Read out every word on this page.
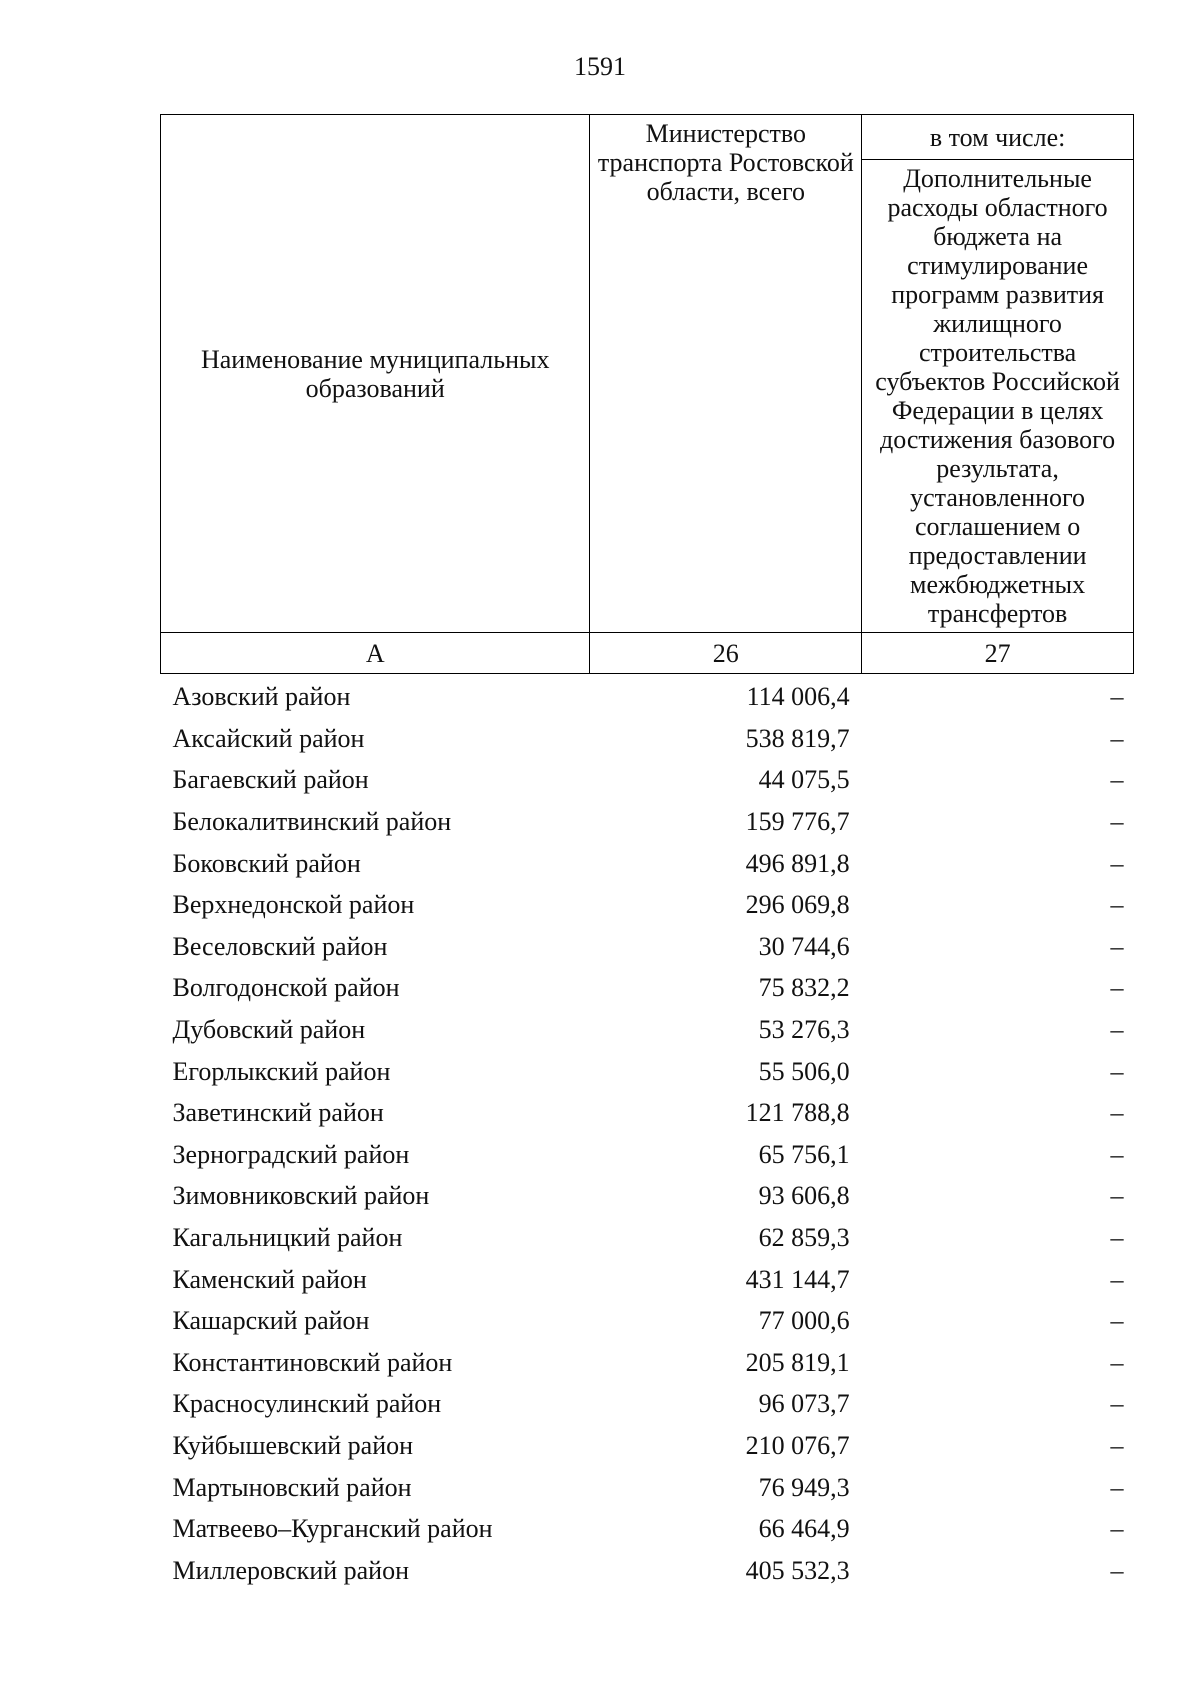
1591
Наименование муниципальных образований	Министерство транспорта Ростовской области, всего	в том числе:
		Дополнительные расходы областного бюджета на стимулирование программ развития жилищного строительства субъектов Российской Федерации в целях достижения базового результата, установленного соглашением о предоставлении межбюджетных трансфертов
А	26	27
Азовский район	114 006,4	–
Аксайский район	538 819,7	–
Багаевский район	44 075,5	–
Белокалитвинский район	159 776,7	–
Боковский район	496 891,8	–
Верхнедонской район	296 069,8	–
Веселовский район	30 744,6	–
Волгодонской район	75 832,2	–
Дубовский район	53 276,3	–
Егорлыкский район	55 506,0	–
Заветинский район	121 788,8	–
Зерноградский район	65 756,1	–
Зимовниковский район	93 606,8	–
Кагальницкий район	62 859,3	–
Каменский район	431 144,7	–
Кашарский район	77 000,6	–
Константиновский район	205 819,1	–
Красносулинский район	96 073,7	–
Куйбышевский район	210 076,7	–
Мартыновский район	76 949,3	–
Матвеево–Курганский район	66 464,9	–
Миллеровский район	405 532,3	–
